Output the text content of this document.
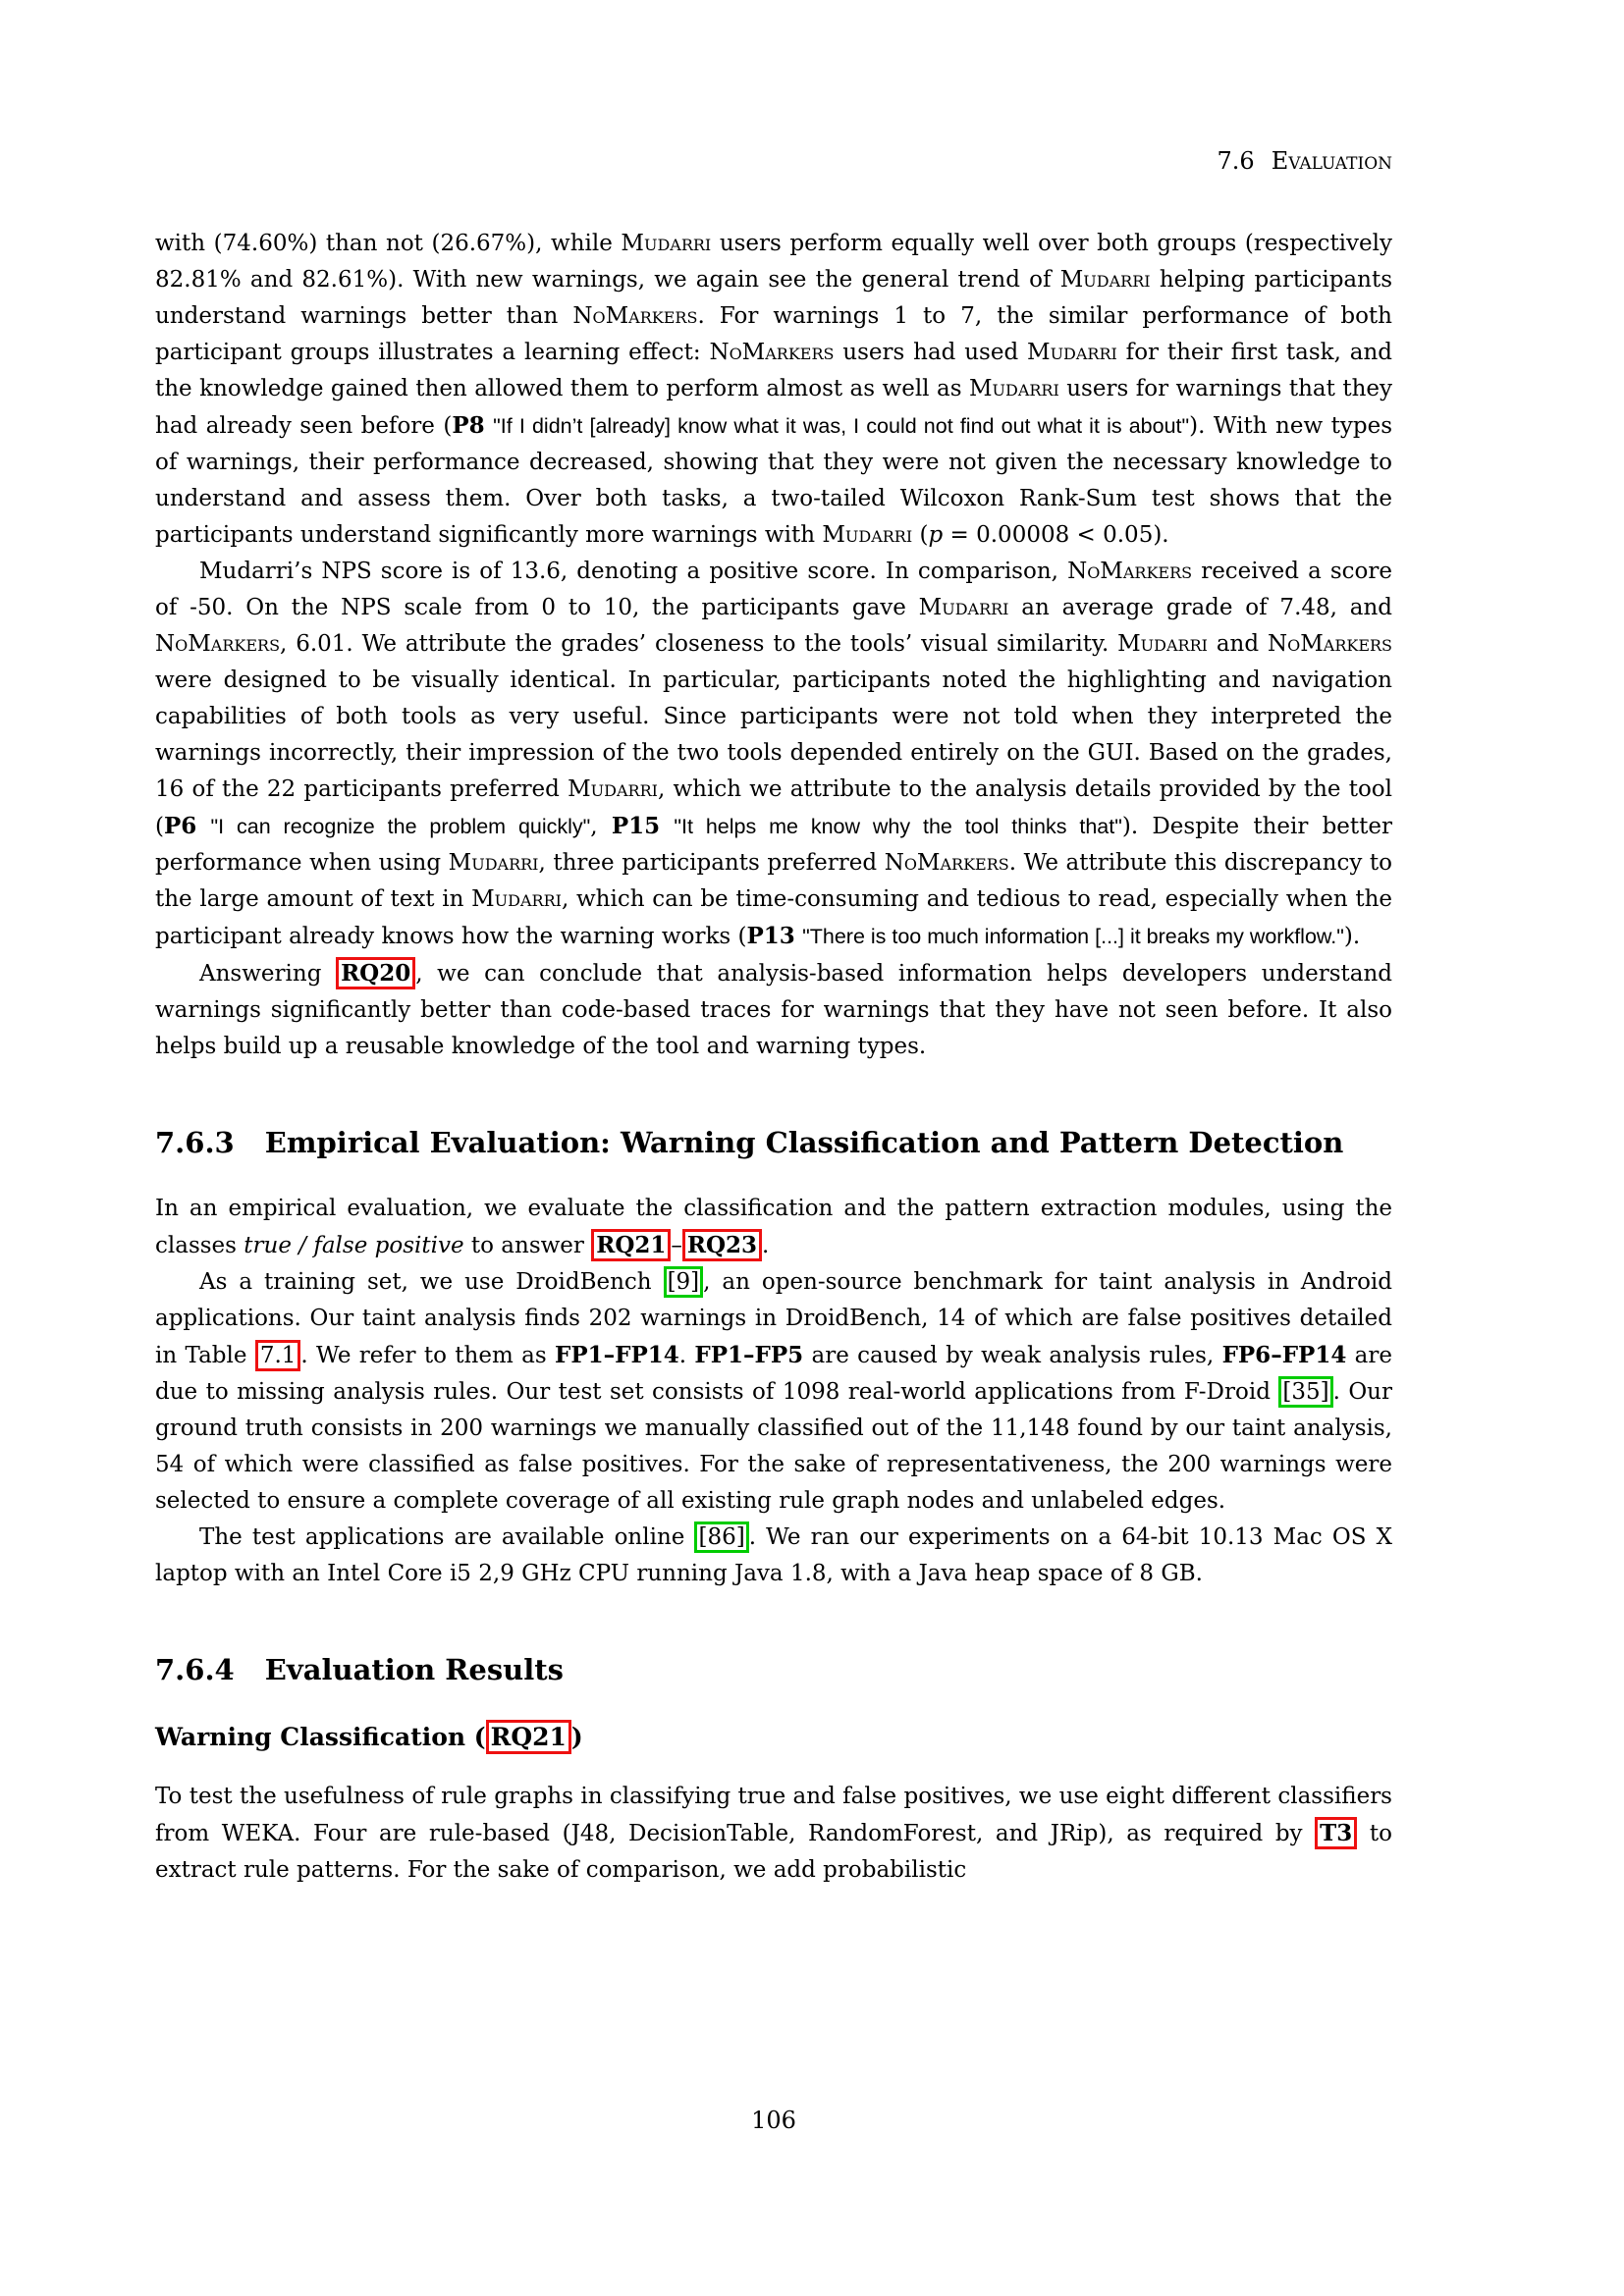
7.6 Evaluation

with (74.60%) than not (26.67%), while Mudarri users perform equally well over both groups (respectively 82.81% and 82.61%). With new warnings, we again see the general trend of Mudarri helping participants understand warnings better than NoMarkers. For warnings 1 to 7, the similar performance of both participant groups illustrates a learning effect: NoMarkers users had used Mudarri for their first task, and the knowledge gained then allowed them to perform almost as well as Mudarri users for warnings that they had already seen before (P8 "If I didn’t [already] know what it was, I could not find out what it is about"). With new types of warnings, their performance decreased, showing that they were not given the necessary knowledge to understand and assess them. Over both tasks, a two-tailed Wilcoxon Rank-Sum test shows that the participants understand significantly more warnings with Mudarri (p = 0.00008 < 0.05).

Mudarri’s NPS score is of 13.6, denoting a positive score. In comparison, NoMarkers received a score of -50. On the NPS scale from 0 to 10, the participants gave Mudarri an average grade of 7.48, and NoMarkers, 6.01. We attribute the grades’ closeness to the tools’ visual similarity. Mudarri and NoMarkers were designed to be visually identical. In particular, participants noted the highlighting and navigation capabilities of both tools as very useful. Since participants were not told when they interpreted the warnings incorrectly, their impression of the two tools depended entirely on the GUI. Based on the grades, 16 of the 22 participants preferred Mudarri, which we attribute to the analysis details provided by the tool (P6 "I can recognize the problem quickly", P15 "It helps me know why the tool thinks that"). Despite their better performance when using Mudarri, three participants preferred NoMarkers. We attribute this discrepancy to the large amount of text in Mudarri, which can be time-consuming and tedious to read, especially when the participant already knows how the warning works (P13 "There is too much information [...] it breaks my workflow.").

Answering RQ20 , we can conclude that analysis-based information helps developers understand warnings significantly better than code-based traces for warnings that they have not seen before. It also helps build up a reusable knowledge of the tool and warning types.

7.6.3 Empirical Evaluation: Warning Classification and Pattern Detection

In an empirical evaluation, we evaluate the classification and the pattern extraction modules, using the classes true / false positive to answer RQ21 – RQ23 .

As a training set, we use DroidBench [9] , an open-source benchmark for taint analysis in Android applications. Our taint analysis finds 202 warnings in DroidBench, 14 of which are false positives detailed in Table 7.1 . We refer to them as FP1–FP14. FP1–FP5 are caused by weak analysis rules, FP6–FP14 are due to missing analysis rules. Our test set consists of 1098 real-world applications from F-Droid [35] . Our ground truth consists in 200 warnings we manually classified out of the 11,148 found by our taint analysis, 54 of which were classified as false positives. For the sake of representativeness, the 200 warnings were selected to ensure a complete coverage of all existing rule graph nodes and unlabeled edges.

The test applications are available online [86] . We ran our experiments on a 64-bit 10.13 Mac OS X laptop with an Intel Core i5 2,9 GHz CPU running Java 1.8, with a Java heap space of 8 GB.

7.6.4 Evaluation Results
Warning Classification ( RQ21 )

To test the usefulness of rule graphs in classifying true and false positives, we use eight different classifiers from WEKA. Four are rule-based (J48, DecisionTable, RandomForest, and JRip), as required by T3 to extract rule patterns. For the sake of comparison, we add probabilistic

106
